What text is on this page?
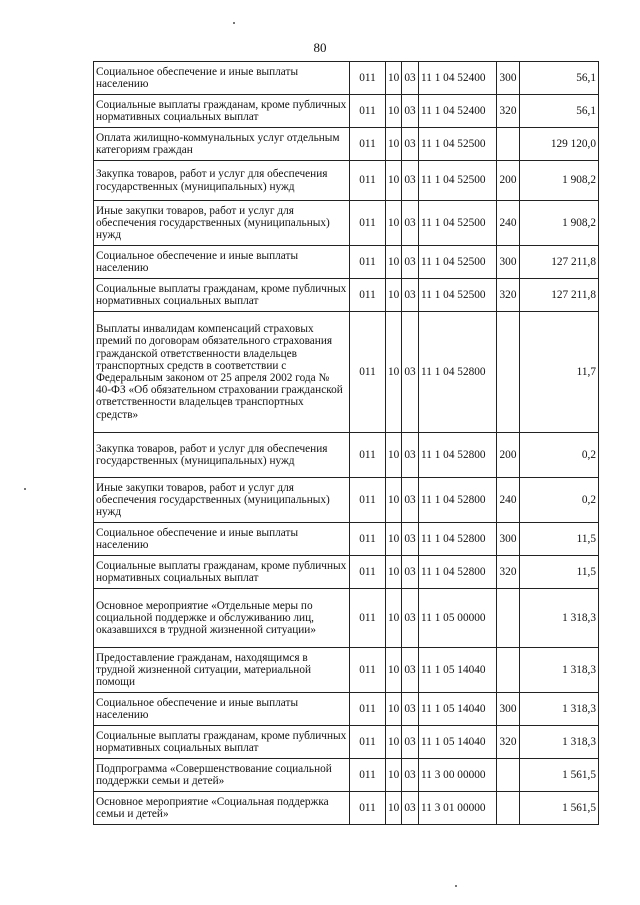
80
Социальное обеспечение и иные выплаты населению	011	10	03	11 1 04 52400	300	56,1
Социальные выплаты гражданам, кроме публичных нормативных социальных выплат	011	10	03	11 1 04 52400	320	56,1
Оплата жилищно-коммунальных услуг отдельным категориям граждан	011	10	03	11 1 04 52500		129 120,0
Закупка товаров, работ и услуг для обеспечения государственных (муниципальных) нужд	011	10	03	11 1 04 52500	200	1 908,2
Иные закупки товаров, работ и услуг для обеспечения государственных (муниципальных) нужд	011	10	03	11 1 04 52500	240	1 908,2
Социальное обеспечение и иные выплаты населению	011	10	03	11 1 04 52500	300	127 211,8
Социальные выплаты гражданам, кроме публичных нормативных социальных выплат	011	10	03	11 1 04 52500	320	127 211,8
Выплаты инвалидам компенсаций страховых премий по договорам обязательного страхования гражданской ответственности владельцев транспортных средств в соответствии с Федеральным законом от 25 апреля 2002 года № 40-ФЗ «Об обязательном страховании гражданской ответственности владельцев транспортных средств»	011	10	03	11 1 04 52800		11,7
Закупка товаров, работ и услуг для обеспечения государственных (муниципальных) нужд	011	10	03	11 1 04 52800	200	0,2
Иные закупки товаров, работ и услуг для обеспечения государственных (муниципальных) нужд	011	10	03	11 1 04 52800	240	0,2
Социальное обеспечение и иные выплаты населению	011	10	03	11 1 04 52800	300	11,5
Социальные выплаты гражданам, кроме публичных нормативных социальных выплат	011	10	03	11 1 04 52800	320	11,5
Основное мероприятие «Отдельные меры по социальной поддержке и обслуживанию лиц, оказавшихся в трудной жизненной ситуации»	011	10	03	11 1 05 00000		1 318,3
Предоставление гражданам, находящимся в трудной жизненной ситуации, материальной помощи	011	10	03	11 1 05 14040		1 318,3
Социальное обеспечение и иные выплаты населению	011	10	03	11 1 05 14040	300	1 318,3
Социальные выплаты гражданам, кроме публичных нормативных социальных выплат	011	10	03	11 1 05 14040	320	1 318,3
Подпрограмма «Совершенствование социальной поддержки семьи и детей»	011	10	03	11 3 00 00000		1 561,5
Основное мероприятие «Социальная поддержка семьи и детей»	011	10	03	11 3 01 00000		1 561,5
